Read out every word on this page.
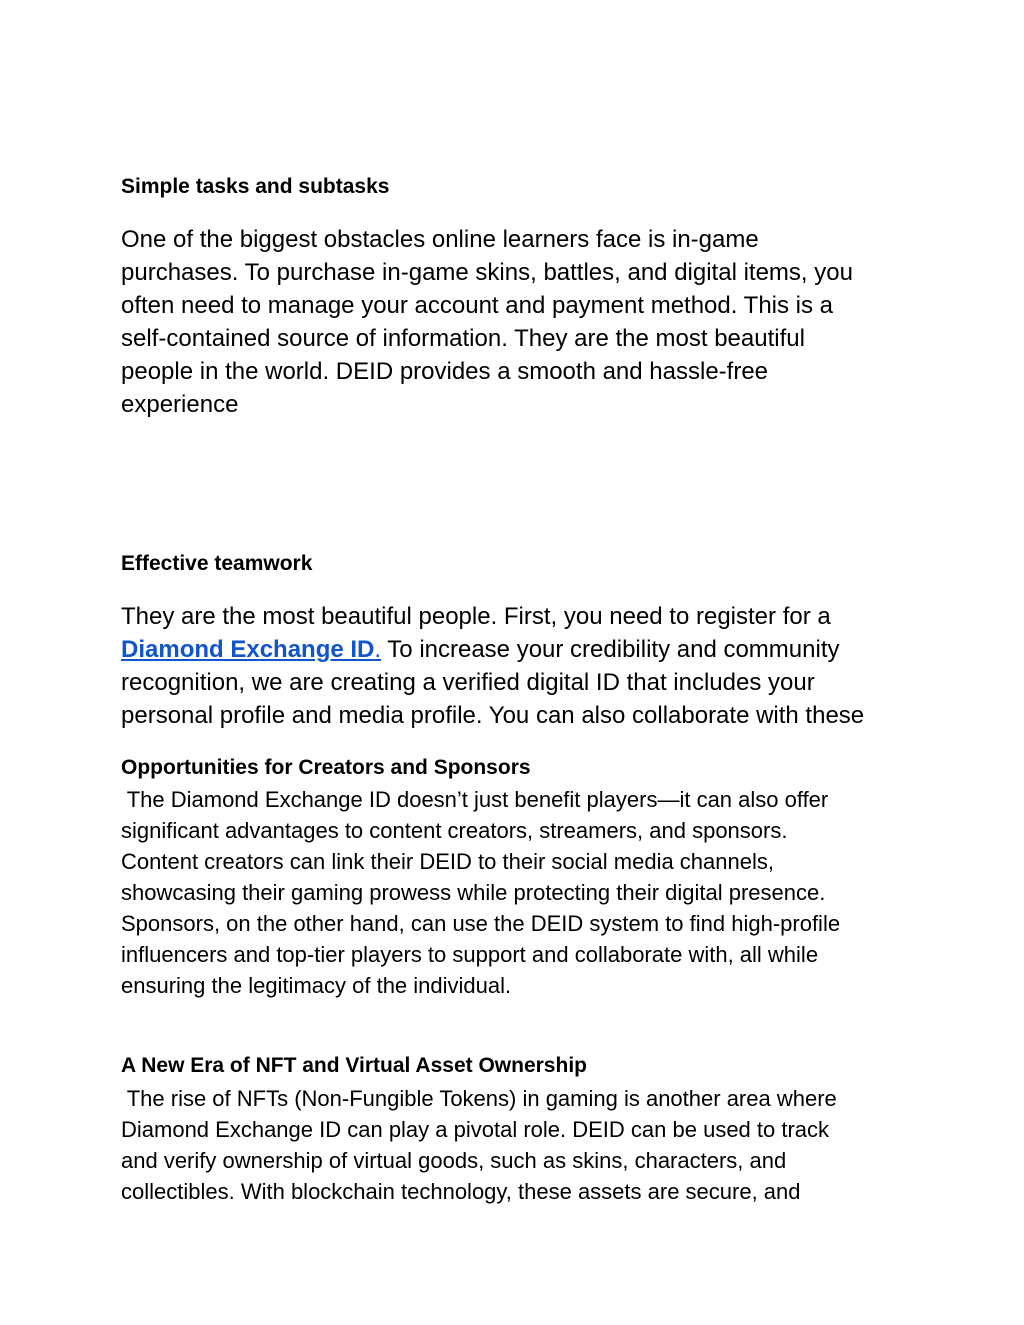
Simple tasks and subtasks
One of the biggest obstacles online learners face is in-game
purchases. To purchase in-game skins, battles, and digital items, you
often need to manage your account and payment method. This is a
self-contained source of information. They are the most beautiful
people in the world. DEID provides a smooth and hassle-free
experience
Effective teamwork
They are the most beautiful people. First, you need to register for a
Diamond Exchange ID. To increase your credibility and community
recognition, we are creating a verified digital ID that includes your
personal profile and media profile. You can also collaborate with these
Opportunities for Creators and Sponsors
The Diamond Exchange ID doesn’t just benefit players—it can also offer
significant advantages to content creators, streamers, and sponsors.
Content creators can link their DEID to their social media channels,
showcasing their gaming prowess while protecting their digital presence.
Sponsors, on the other hand, can use the DEID system to find high-profile
influencers and top-tier players to support and collaborate with, all while
ensuring the legitimacy of the individual.
A New Era of NFT and Virtual Asset Ownership
The rise of NFTs (Non-Fungible Tokens) in gaming is another area where
Diamond Exchange ID can play a pivotal role. DEID can be used to track
and verify ownership of virtual goods, such as skins, characters, and
collectibles. With blockchain technology, these assets are secure, and
